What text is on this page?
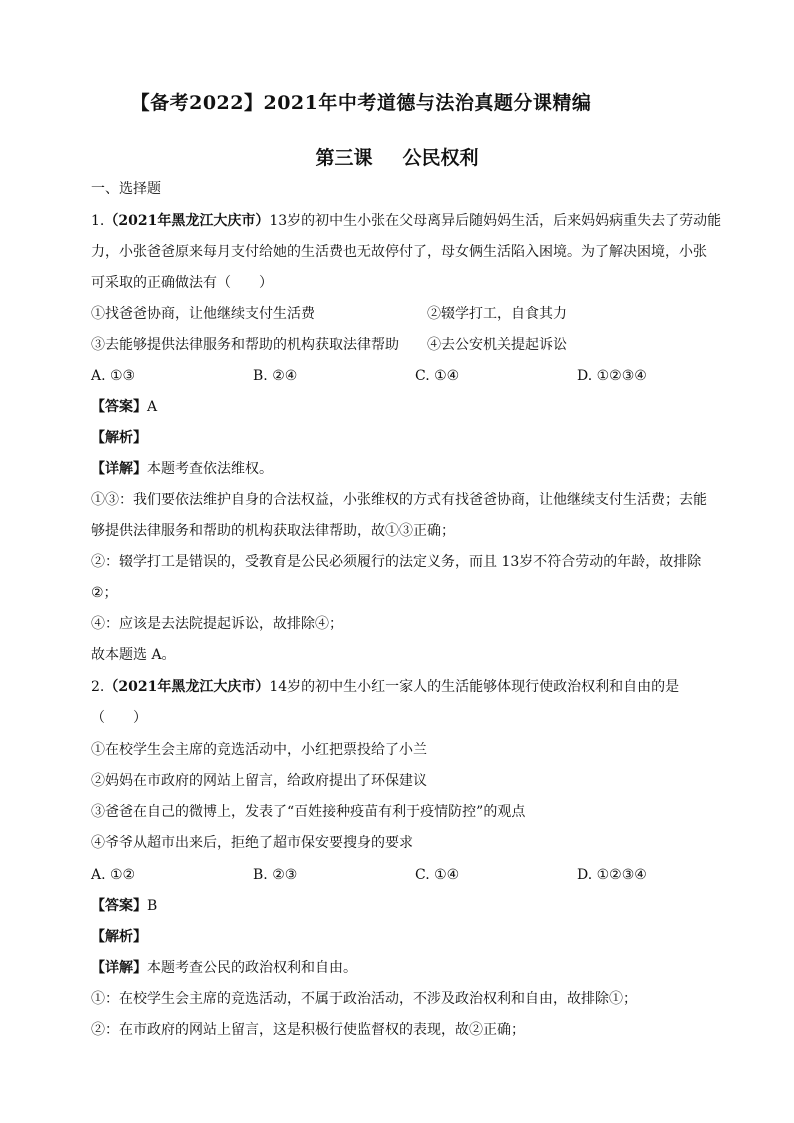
【备考2022】2021年中考道德与法治真题分课精编
第三课 公民权利
一、选择题
1.（2021年黑龙江大庆市）13岁的初中生小张在父母离异后随妈妈生活，后来妈妈病重失去了劳动能
力，小张爸爸原来每月支付给她的生活费也无故停付了，母女俩生活陷入困境。为了解决困境，小张
可采取的正确做法有（　　）
①找爸爸协商，让他继续支付生活费	②辍学打工，自食其力
③去能够提供法律服务和帮助的机构获取法律帮助 ④去公安机关提起诉讼
A. ①③	B. ②④	C. ①④	D. ①②③④
【答案】A
【解析】
【详解】本题考查依法维权。
①③：我们要依法维护自身的合法权益，小张维权的方式有找爸爸协商，让他继续支付生活费；去能
够提供法律服务和帮助的机构获取法律帮助，故①③正确；
②：辍学打工是错误的，受教育是公民必须履行的法定义务，而且 13岁不符合劳动的年龄，故排除
②；
④：应该是去法院提起诉讼，故排除④；
故本题选 A。
2.（2021年黑龙江大庆市）14岁的初中生小红一家人的生活能够体现行使政治权利和自由的是
（　　）
①在校学生会主席的竞选活动中，小红把票投给了小兰
②妈妈在市政府的网站上留言，给政府提出了环保建议
③爸爸在自己的微博上，发表了“百姓接种疫苗有利于疫情防控”的观点
④爷爷从超市出来后，拒绝了超市保安要搜身的要求
A. ①②	B. ②③	C. ①④	D. ①②③④
【答案】B
【解析】
【详解】本题考查公民的政治权利和自由。
①：在校学生会主席的竞选活动，不属于政治活动，不涉及政治权利和自由，故排除①；
②：在市政府的网站上留言，这是积极行使监督权的表现，故②正确；
